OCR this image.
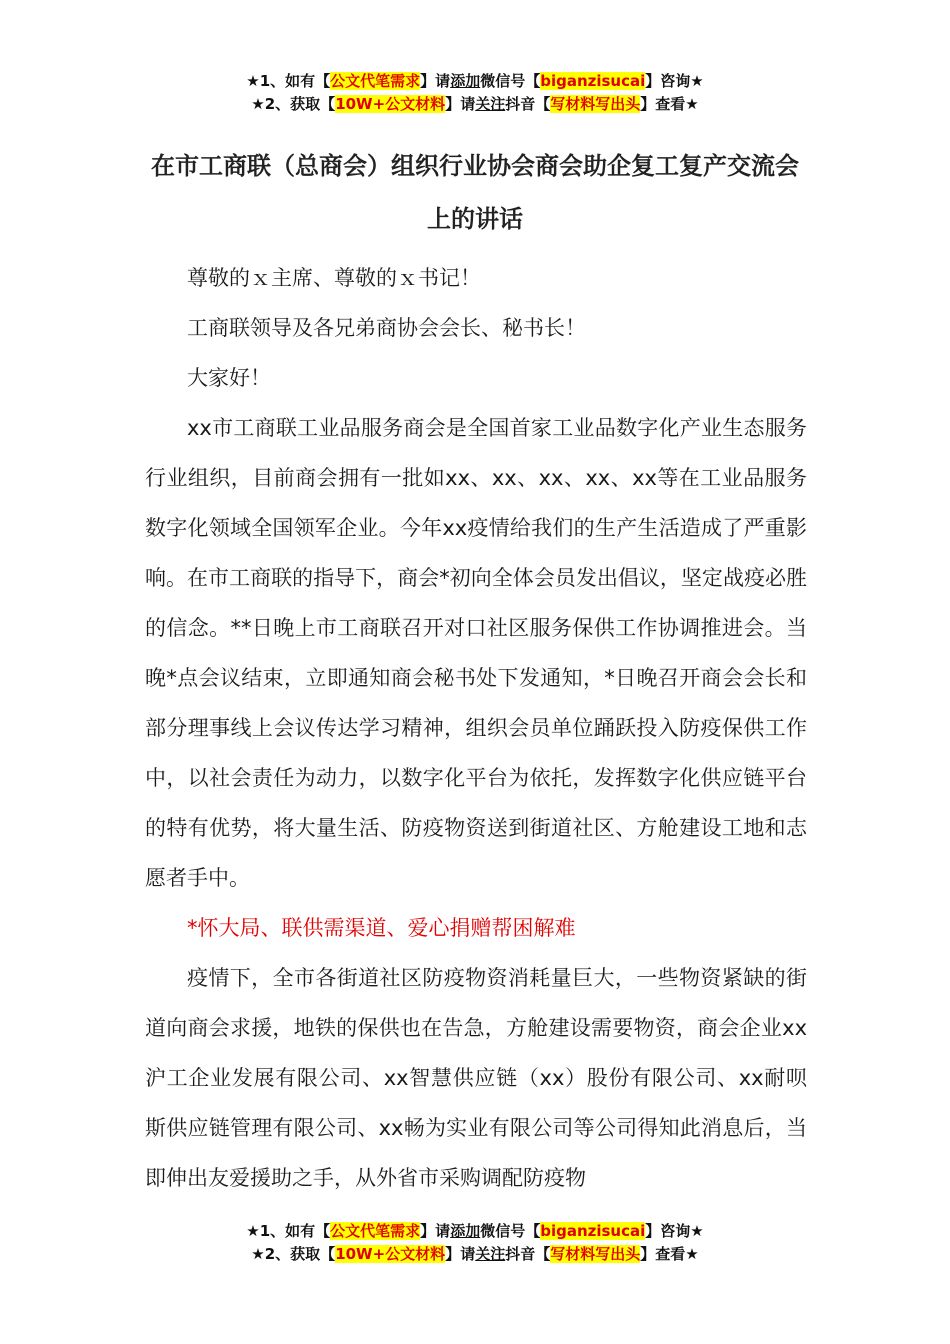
★1、如有【公文代笔需求】请添加微信号【biganzisucai】咨询★
★2、获取【10W+公文材料】请关注抖音【写材料写出头】查看★
在市工商联（总商会）组织行业协会商会助企复工复产交流会上的讲话

尊敬的ｘ主席、尊敬的ｘ书记！

工商联领导及各兄弟商协会会长、秘书长！

大家好！

xx市工商联工业品服务商会是全国首家工业品数字化产业生态服务行业组织，目前商会拥有一批如xx、xx、xx、xx、xx等在工业品服务数字化领域全国领军企业。今年xx疫情给我们的生产生活造成了严重影响。在市工商联的指导下，商会*初向全体会员发出倡议，坚定战疫必胜的信念。**日晚上市工商联召开对口社区服务保供工作协调推进会。当晚*点会议结束，立即通知商会秘书处下发通知，*日晚召开商会会长和部分理事线上会议传达学习精神，组织会员单位踊跃投入防疫保供工作中，以社会责任为动力，以数字化平台为依托，发挥数字化供应链平台的特有优势，将大量生活、防疫物资送到街道社区、方舱建设工地和志愿者手中。

*怀大局、联供需渠道、爱心捐赠帮困解难

疫情下，全市各街道社区防疫物资消耗量巨大，一些物资紧缺的街道向商会求援，地铁的保供也在告急，方舱建设需要物资，商会企业xx沪工企业发展有限公司、xx智慧供应链（xx）股份有限公司、xx耐呗斯供应链管理有限公司、xx畅为实业有限公司等公司得知此消息后，当即伸出友爱援助之手，从外省市采购调配防疫物

★1、如有【公文代笔需求】请添加微信号【biganzisucai】咨询★
★2、获取【10W+公文材料】请关注抖音【写材料写出头】查看★
